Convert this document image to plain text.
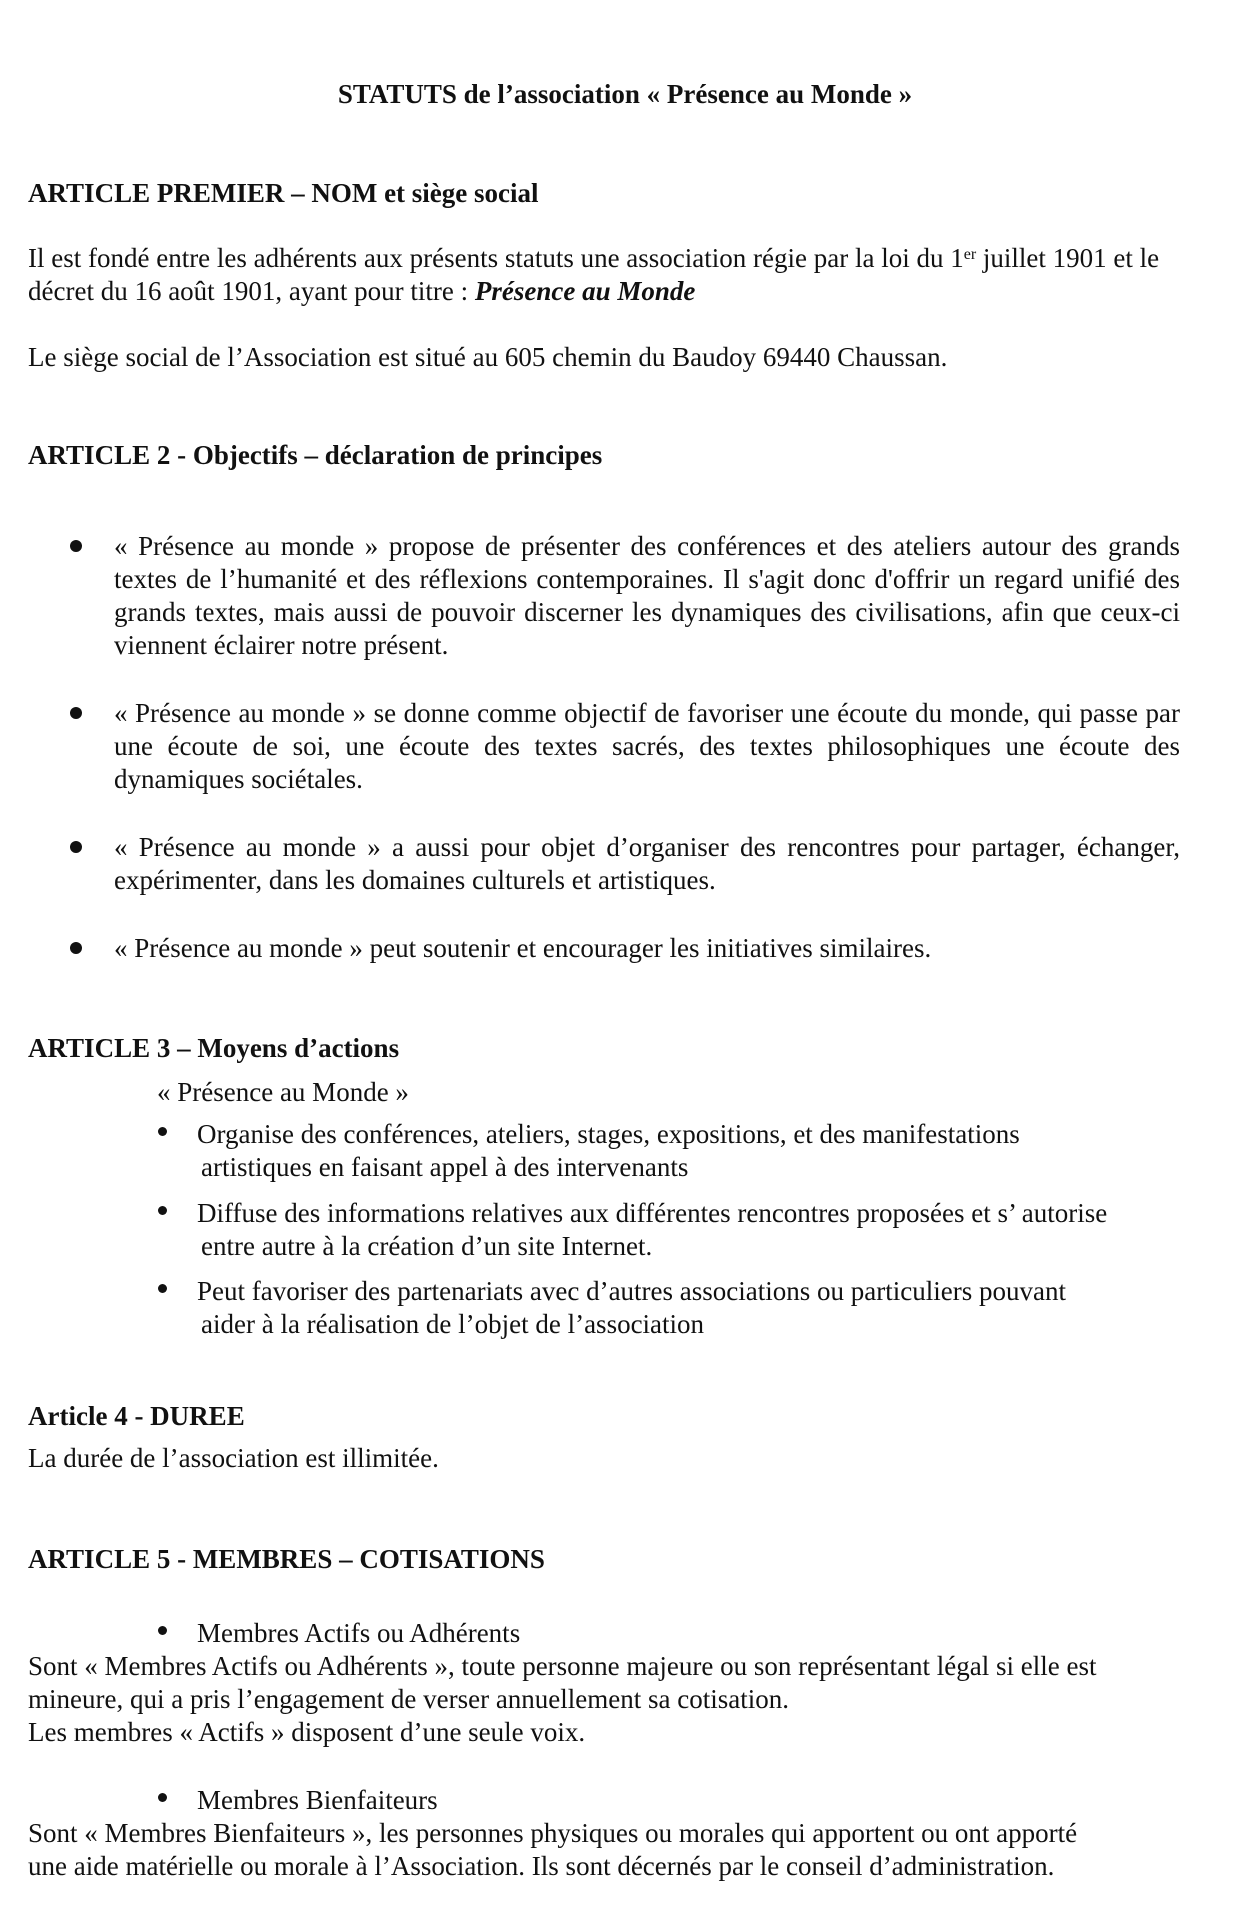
STATUTS de l’association « Présence au Monde »

ARTICLE PREMIER – NOM et siège social

Il est fondé entre les adhérents aux présents statuts une association régie par la loi du 1er juillet 1901 et le décret du 16 août 1901, ayant pour titre : Présence au Monde

Le siège social de l’Association est situé au 605 chemin du Baudoy 69440 Chaussan.

ARTICLE 2 - Objectifs – déclaration de principes

« Présence au monde » propose de présenter des conférences et des ateliers autour des grands textes de l’humanité et des réflexions contemporaines. Il s'agit donc d'offrir un regard unifié des grands textes, mais aussi de pouvoir discerner les dynamiques des civilisations, afin que ceux-ci viennent éclairer notre présent.

« Présence au monde » se donne comme objectif de favoriser une écoute du monde, qui passe par une écoute de soi, une écoute des textes sacrés, des textes philosophiques une écoute des dynamiques sociétales.

« Présence au monde » a aussi pour objet d’organiser des rencontres pour partager, échanger, expérimenter, dans les domaines culturels et artistiques.

« Présence au monde » peut soutenir et encourager les initiatives similaires.

ARTICLE 3 – Moyens d’actions

« Présence au Monde »

Organise des conférences, ateliers, stages, expositions, et des manifestations
artistiques en faisant appel à des intervenants

Diffuse des informations relatives aux différentes rencontres proposées et s’ autorise
entre autre à la création d’un site Internet.

Peut favoriser des partenariats avec d’autres associations ou particuliers pouvant
aider à la réalisation de l’objet de l’association

Article 4 - DUREE

La durée de l’association est illimitée.

ARTICLE 5 - MEMBRES – COTISATIONS

Membres Actifs ou Adhérents

Sont « Membres Actifs ou Adhérents », toute personne majeure ou son représentant légal si elle est

mineure, qui a pris l’engagement de verser annuellement sa cotisation.

Les membres « Actifs » disposent d’une seule voix.

Membres Bienfaiteurs

Sont « Membres Bienfaiteurs », les personnes physiques ou morales qui apportent ou ont apporté

une aide matérielle ou morale à l’Association. Ils sont décernés par le conseil d’administration.
